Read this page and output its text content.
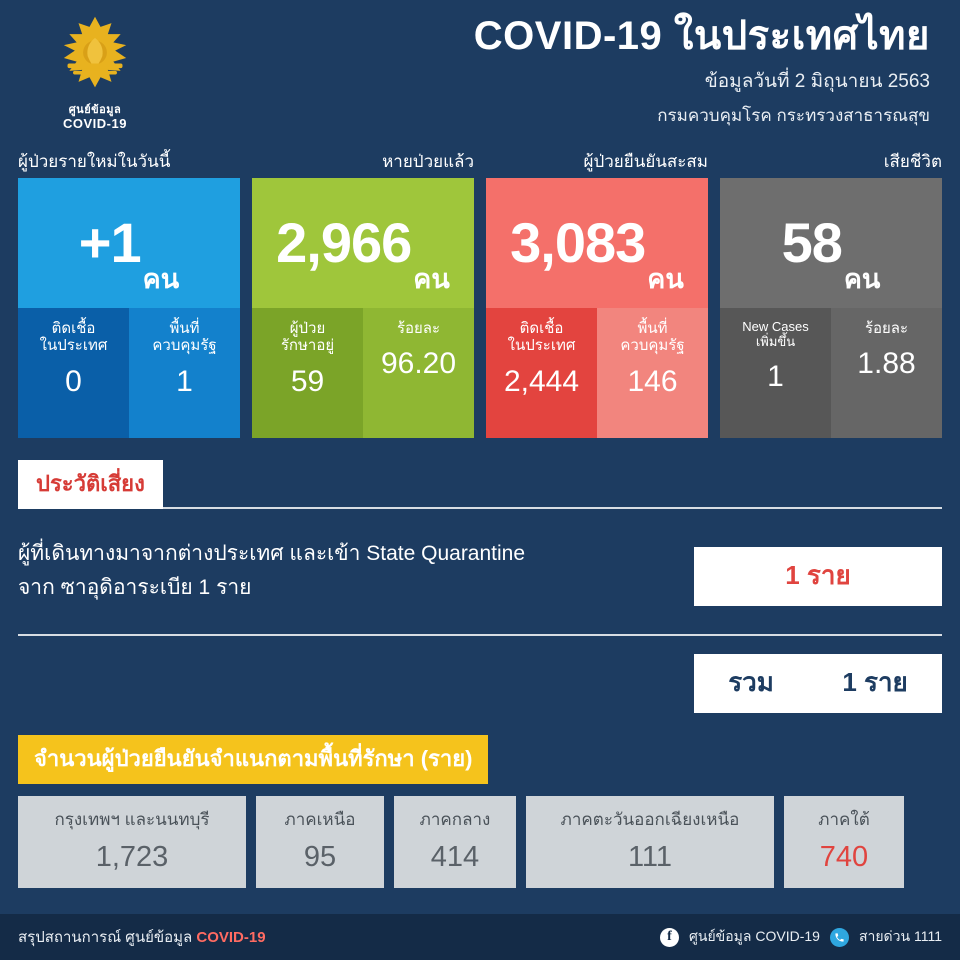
ศูนย์ข้อมูล
COVID-19
COVID-19 ในประเทศไทย
ข้อมูลวันที่ 2 มิถุนายน 2563
กรมควบคุมโรค กระทรวงสาธารณสุข
ผู้ป่วยรายใหม่ในวันนี้
+1
คน
ติดเชื้อ
ในประเทศ
0
พื้นที่
ควบคุมรัฐ
1
หายป่วยแล้ว
2,966
คน
ผู้ป่วย
รักษาอยู่
59
ร้อยละ
96.20
ผู้ป่วยยืนยันสะสม
3,083
คน
ติดเชื้อ
ในประเทศ
2,444
พื้นที่
ควบคุมรัฐ
146
เสียชีวิต
58
คน
New Cases
เพิ่มขึ้น
1
ร้อยละ
1.88
ประวัติเสี่ยง
ผู้ที่เดินทางมาจากต่างประเทศ และเข้า State Quarantine
จาก ซาอุดิอาระเบีย 1 ราย	1 ราย
รวม	1 ราย
จำนวนผู้ป่วยยืนยันจำแนกตามพื้นที่รักษา (ราย)
กรุงเทพฯ และนนทบุรี
1,723
ภาคเหนือ
95
ภาคกลาง
414
ภาคตะวันออกเฉียงเหนือ
111
ภาคใต้
740
สรุปสถานการณ์ ศูนย์ข้อมูล COVID-19	f	ศูนย์ข้อมูล COVID-19	สายด่วน 1111
